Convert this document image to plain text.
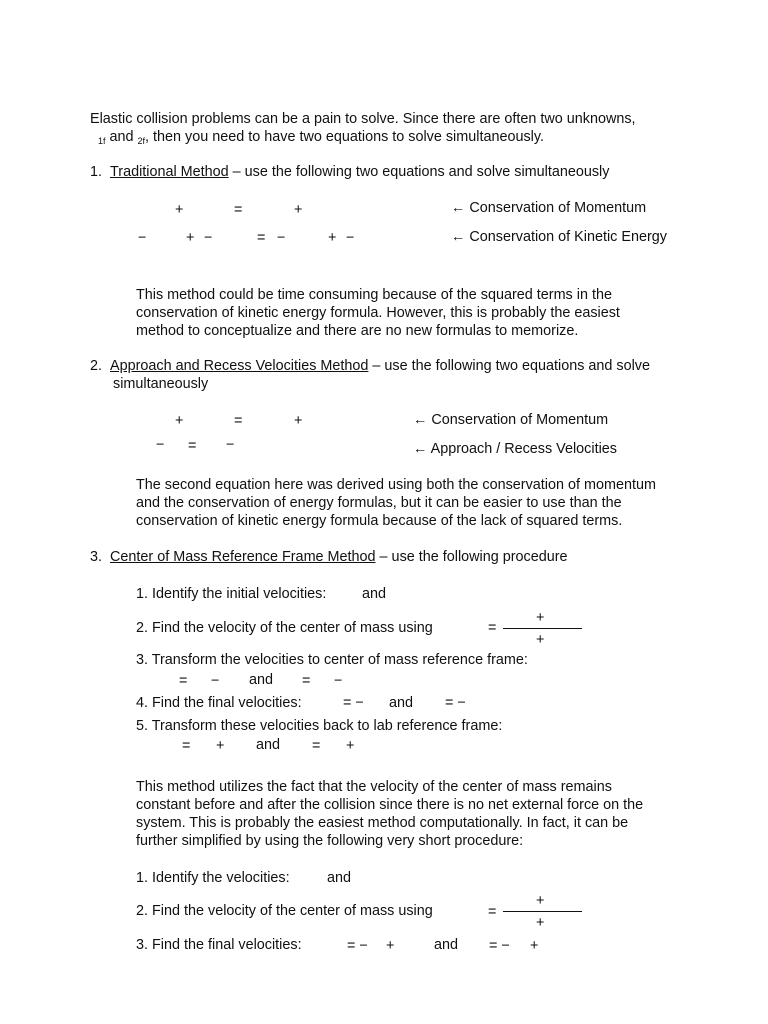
Elastic collision problems can be a pain to solve. Since there are often two unknowns,
$_{1f}$ and $_{2f}$, then you need to have two equations to solve simultaneously.
1. Traditional Method – use the following two equations and solve simultaneously
+	=	+	← Conservation of Momentum
−	+ −	= −	+ −	← Conservation of Kinetic Energy
This method could be time consuming because of the squared terms in the
conservation of kinetic energy formula. However, this is probably the easiest
method to conceptualize and there are no new formulas to memorize.
2. Approach and Recess Velocities Method – use the following two equations and solve
simultaneously
+	=	+	← Conservation of Momentum
− = −	← Approach / Recess Velocities
The second equation here was derived using both the conservation of momentum
and the conservation of energy formulas, but it can be easier to use than the
conservation of kinetic energy formula because of the lack of squared terms.
3. Center of Mass Reference Frame Method – use the following procedure
1. Identify the initial velocities: and
2. Find the velocity of the center of mass using	=
+
+
3. Transform the velocities to center of mass reference frame:
= − and = −
4. Find the final velocities:	= − and = −
5. Transform these velocities back to lab reference frame:
= + and = +
This method utilizes the fact that the velocity of the center of mass remains
constant before and after the collision since there is no net external force on the
system. This is probably the easiest method computationally. In fact, it can be
further simplified by using the following very short procedure:
1. Identify the velocities:	and
2. Find the velocity of the center of mass using	=
+
+
3. Find the final velocities:	= − +	and = − +
